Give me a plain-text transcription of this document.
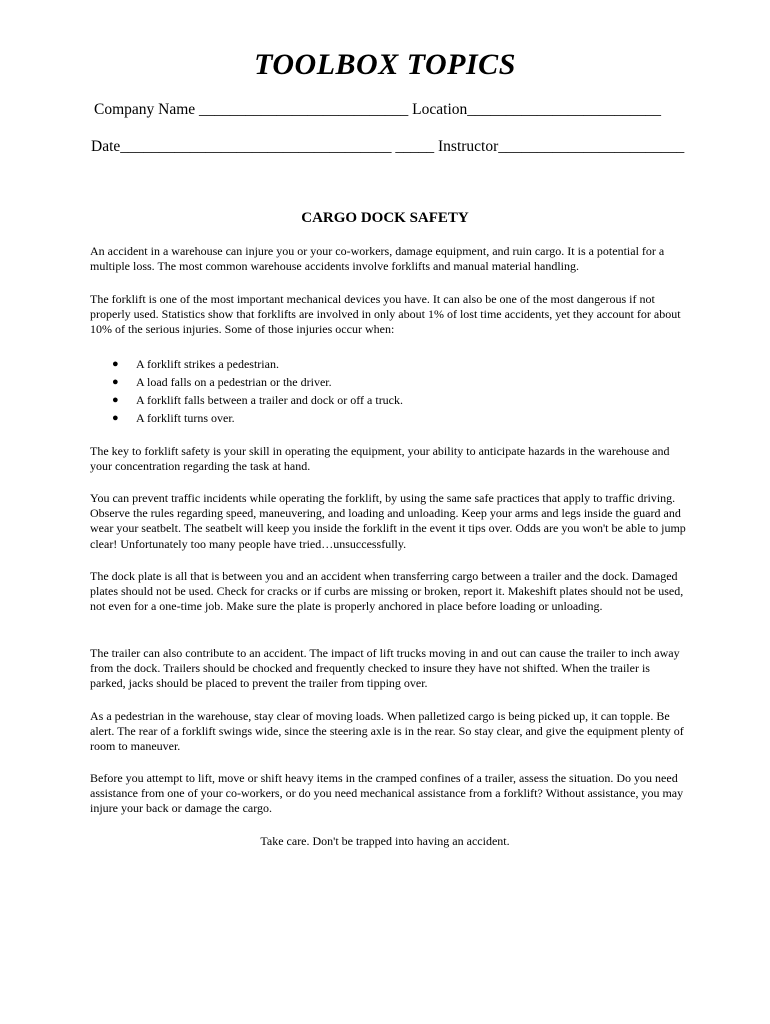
TOOLBOX TOPICS
Company Name ___________________________ Location_________________________
Date___________________________________ _____ Instructor________________________
CARGO DOCK SAFETY

An accident in a warehouse can injure you or your co-workers, damage equipment, and ruin cargo. It is a potential for a multiple loss. The most common warehouse accidents involve forklifts and manual material handling.

The forklift is one of the most important mechanical devices you have. It can also be one of the most dangerous if not properly used. Statistics show that forklifts are involved in only about 1% of lost time accidents, yet they account for about 10% of the serious injuries. Some of those injuries occur when:

● A forklift strikes a pedestrian.
● A load falls on a pedestrian or the driver.
● A forklift falls between a trailer and dock or off a truck.
● A forklift turns over.

The key to forklift safety is your skill in operating the equipment, your ability to anticipate hazards in the warehouse and your concentration regarding the task at hand.

You can prevent traffic incidents while operating the forklift, by using the same safe practices that apply to traffic driving. Observe the rules regarding speed, maneuvering, and loading and unloading. Keep your arms and legs inside the guard and wear your seatbelt. The seatbelt will keep you inside the forklift in the event it tips over. Odds are you won't be able to jump clear! Unfortunately too many people have tried…unsuccessfully.

The dock plate is all that is between you and an accident when transferring cargo between a trailer and the dock. Damaged plates should not be used. Check for cracks or if curbs are missing or broken, report it. Makeshift plates should not be used, not even for a one-time job. Make sure the plate is properly anchored in place before loading or unloading.

The trailer can also contribute to an accident. The impact of lift trucks moving in and out can cause the trailer to inch away from the dock. Trailers should be chocked and frequently checked to insure they have not shifted. When the trailer is parked, jacks should be placed to prevent the trailer from tipping over.

As a pedestrian in the warehouse, stay clear of moving loads. When palletized cargo is being picked up, it can topple. Be alert. The rear of a forklift swings wide, since the steering axle is in the rear. So stay clear, and give the equipment plenty of room to maneuver.

Before you attempt to lift, move or shift heavy items in the cramped confines of a trailer, assess the situation. Do you need assistance from one of your co-workers, or do you need mechanical assistance from a forklift? Without assistance, you may injure your back or damage the cargo.

Take care. Don't be trapped into having an accident.
